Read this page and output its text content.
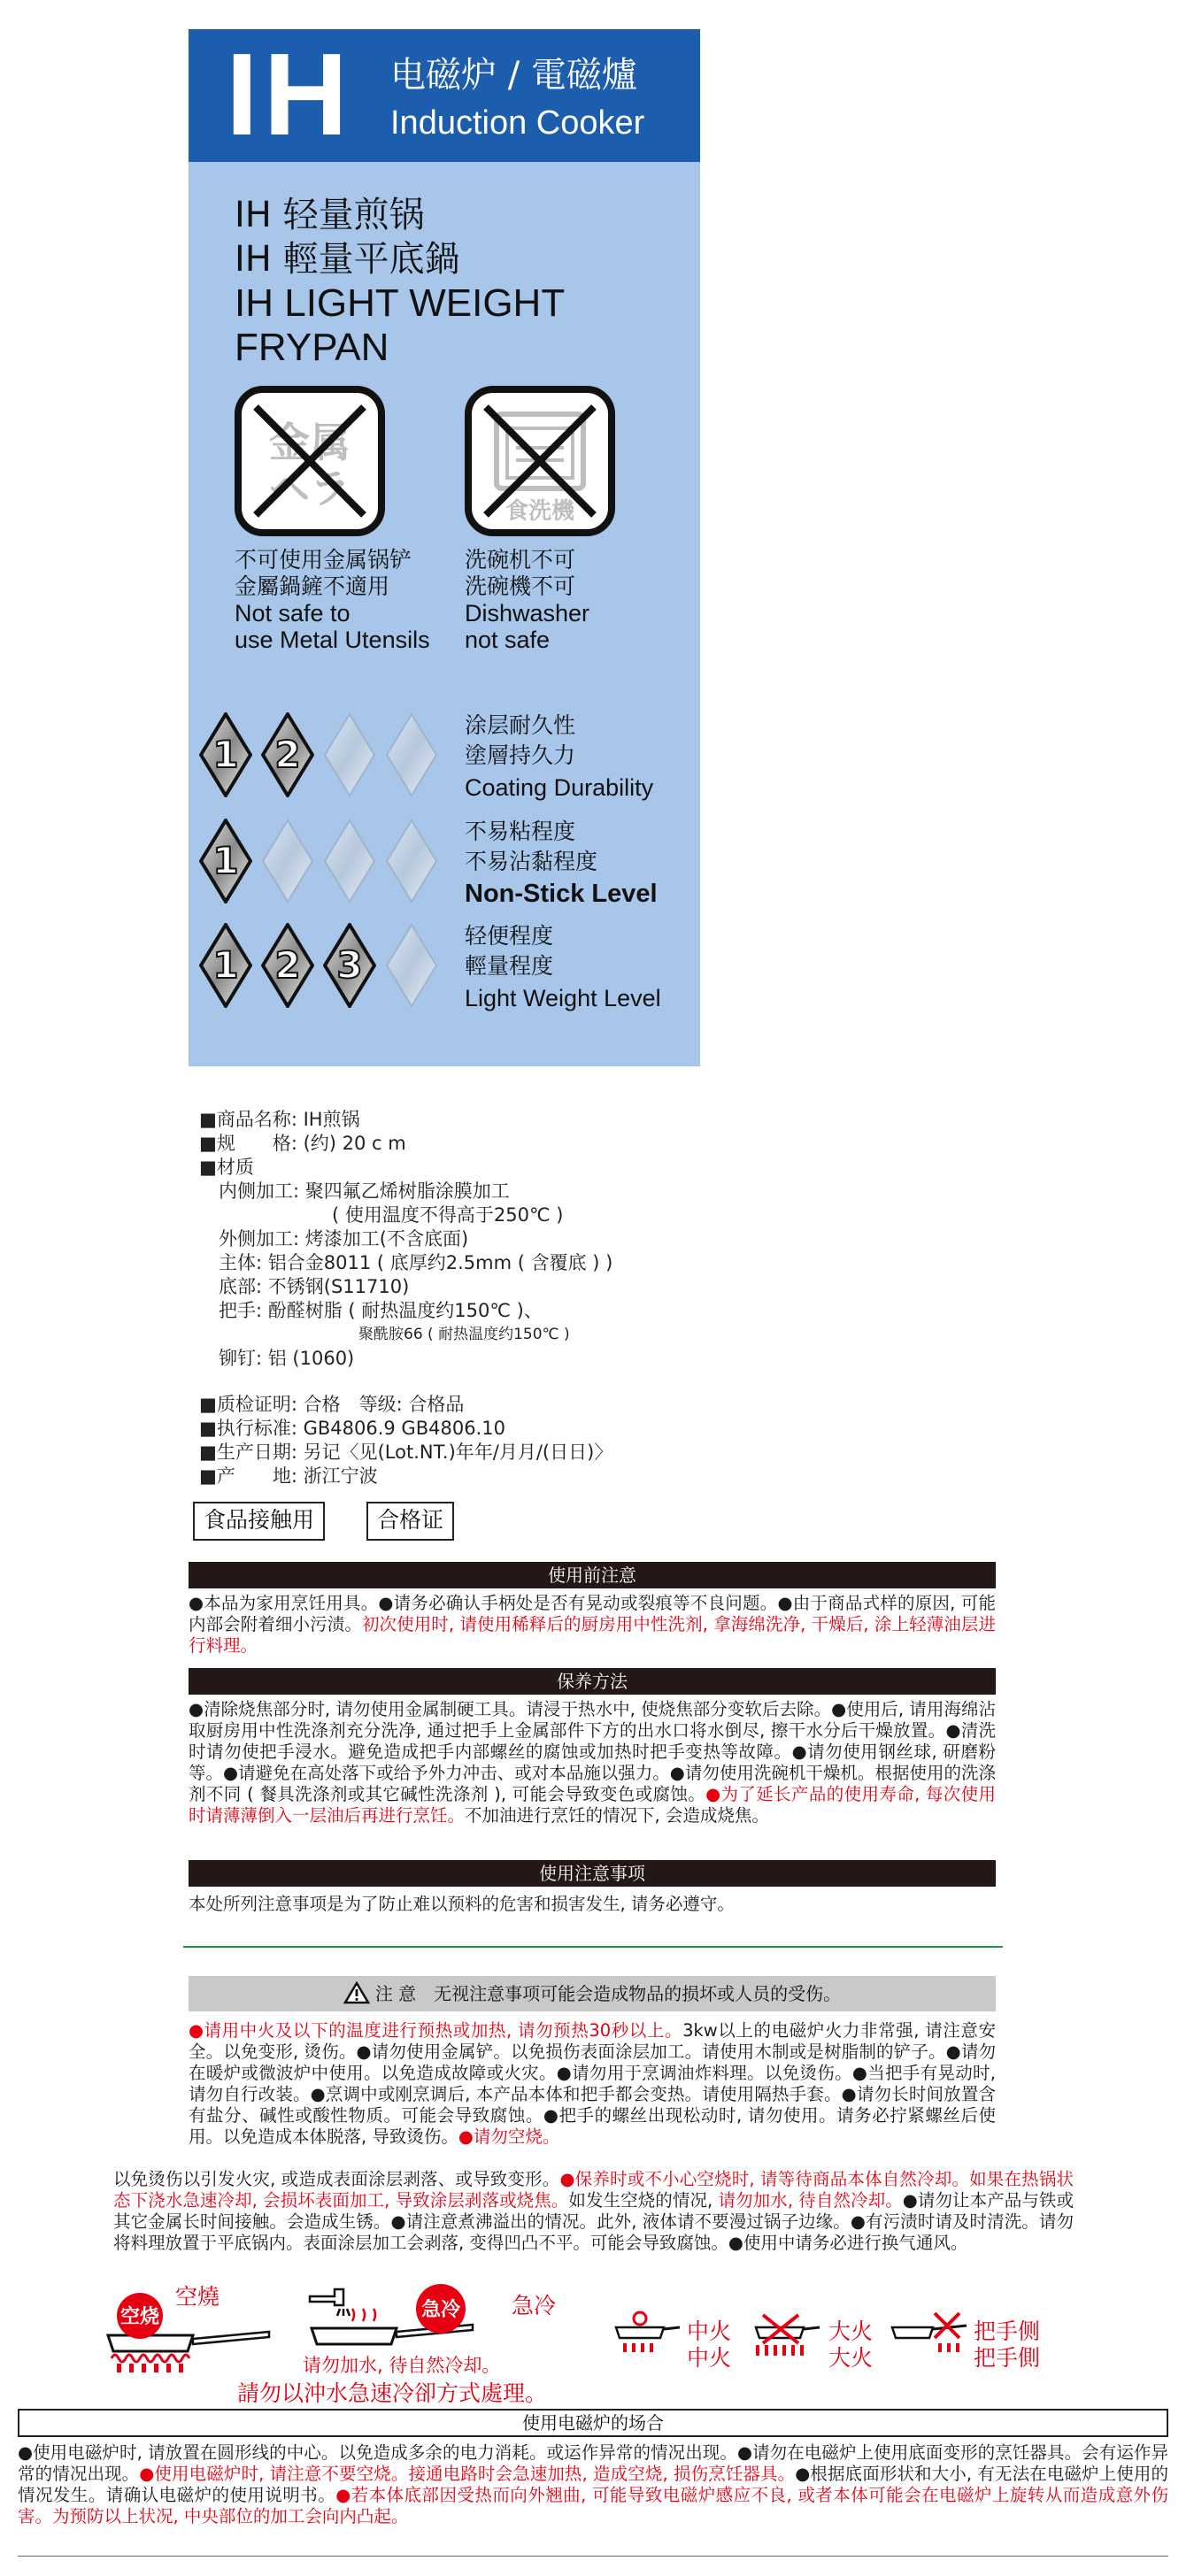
IH 电磁炉 / 電磁爐
Induction Cooker
IH 轻量煎锅
IH 輕量平底鍋
IH LIGHT WEIGHT
FRYPAN
金属
ヘラ	食洗機
不可使用金属锅铲
金屬鍋鏟不適用
Not safe to
use Metal Utensils
洗碗机不可
洗碗機不可
Dishwasher
not safe
1 2
涂层耐久性
塗層持久力
Coating Durability
1
不易粘程度
不易沾黏程度
Non-Stick Level
1 2 3
轻便程度
輕量程度
Light Weight Level
■商品名称: IH煎锅
■规　　格: (约) 20 c m
■材质
内侧加工: 聚四氟乙烯树脂涂膜加工
( 使用温度不得高于250℃ )
外侧加工: 烤漆加工(不含底面)
主体: 铝合金8011 ( 底厚约2.5mm ( 含覆底 ) )
底部: 不锈钢(S11710)
把手: 酚醛树脂 ( 耐热温度约150℃ )、
聚酰胺66 ( 耐热温度约150℃ )
铆钉: 铝 (1060)
■质检证明: 合格　等级: 合格品
■执行标准: GB4806.9 GB4806.10
■生产日期: 另记〈见(Lot.NT.)年年/月月/(日日)〉
■产　　地: 浙江宁波
食品接触用	合格证
使用前注意
●本品为家用烹饪用具。●请务必确认手柄处是否有晃动或裂痕等不良问题。●由于商品式样的原因, 可能内部会附着细小污渍。初次使用时, 请使用稀释后的厨房用中性洗剂, 拿海绵洗净, 干燥后, 涂上轻薄油层进行料理。
保养方法
●清除烧焦部分时, 请勿使用金属制硬工具。请浸于热水中, 使烧焦部分变软后去除。●使用后, 请用海绵沾取厨房用中性洗涤剂充分洗净, 通过把手上金属部件下方的出水口将水倒尽, 擦干水分后干燥放置。●清洗时请勿使把手浸水。避免造成把手内部螺丝的腐蚀或加热时把手变热等故障。●请勿使用钢丝球, 研磨粉等。●请避免在高处落下或给予外力冲击、或对本品施以强力。●请勿使用洗碗机干燥机。根据使用的洗涤剂不同 ( 餐具洗涤剂或其它碱性洗涤剂 ), 可能会导致变色或腐蚀。●为了延长产品的使用寿命, 每次使用时请薄薄倒入一层油后再进行烹饪。不加油进行烹饪的情况下, 会造成烧焦。
使用注意事项
本处所列注意事项是为了防止难以预料的危害和损害发生, 请务必遵守。
注 意　无视注意事项可能会造成物品的损坏或人员的受伤。
●请用中火及以下的温度进行预热或加热, 请勿预热30秒以上。3kw以上的电磁炉火力非常强, 请注意安全。以免变形, 烫伤。●请勿使用金属铲。以免损伤表面涂层加工。请使用木制或是树脂制的铲子。●请勿在暖炉或微波炉中使用。以免造成故障或火灾。●请勿用于烹调油炸料理。以免烫伤。●当把手有晃动时, 请勿自行改装。●烹调中或刚烹调后, 本产品本体和把手都会变热。请使用隔热手套。●请勿长时间放置含有盐分、碱性或酸性物质。可能会导致腐蚀。●把手的螺丝出现松动时, 请勿使用。请务必拧紧螺丝后使用。以免造成本体脱落, 导致烫伤。●请勿空烧。
以免烫伤以引发火灾, 或造成表面涂层剥落、或导致变形。●保养时或不小心空烧时, 请等待商品本体自然冷却。如果在热锅状态下浇水急速冷却, 会损坏表面加工, 导致涂层剥落或烧焦。如发生空烧的情况, 请勿加水, 待自然冷却。●请勿让本产品与铁或其它金属长时间接触。会造成生锈。●请注意煮沸溢出的情况。此外, 液体请不要漫过锅子边缘。●有污渍时请及时清洗。请勿将料理放置于平底锅内。表面涂层加工会剥落, 变得凹凸不平。可能会导致腐蚀。●使用中请务必进行换气通风。
空烧
空燒
急冷 急冷
请勿加水, 待自然冷却。
請勿以沖水急速冷卻方式處理。
中火
中火
大火
大火
把手侧
把手側
使用电磁炉的场合
●使用电磁炉时, 请放置在圆形线的中心。以免造成多余的电力消耗。或运作异常的情况出现。●请勿在电磁炉上使用底面变形的烹饪器具。会有运作异常的情况出现。●使用电磁炉时, 请注意不要空烧。接通电路时会急速加热, 造成空烧, 损伤烹饪器具。●根据底面形状和大小, 有无法在电磁炉上使用的情况发生。请确认电磁炉的使用说明书。●若本体底部因受热而向外翘曲, 可能导致电磁炉感应不良, 或者本体可能会在电磁炉上旋转从而造成意外伤害。为预防以上状况, 中央部位的加工会向内凸起。
